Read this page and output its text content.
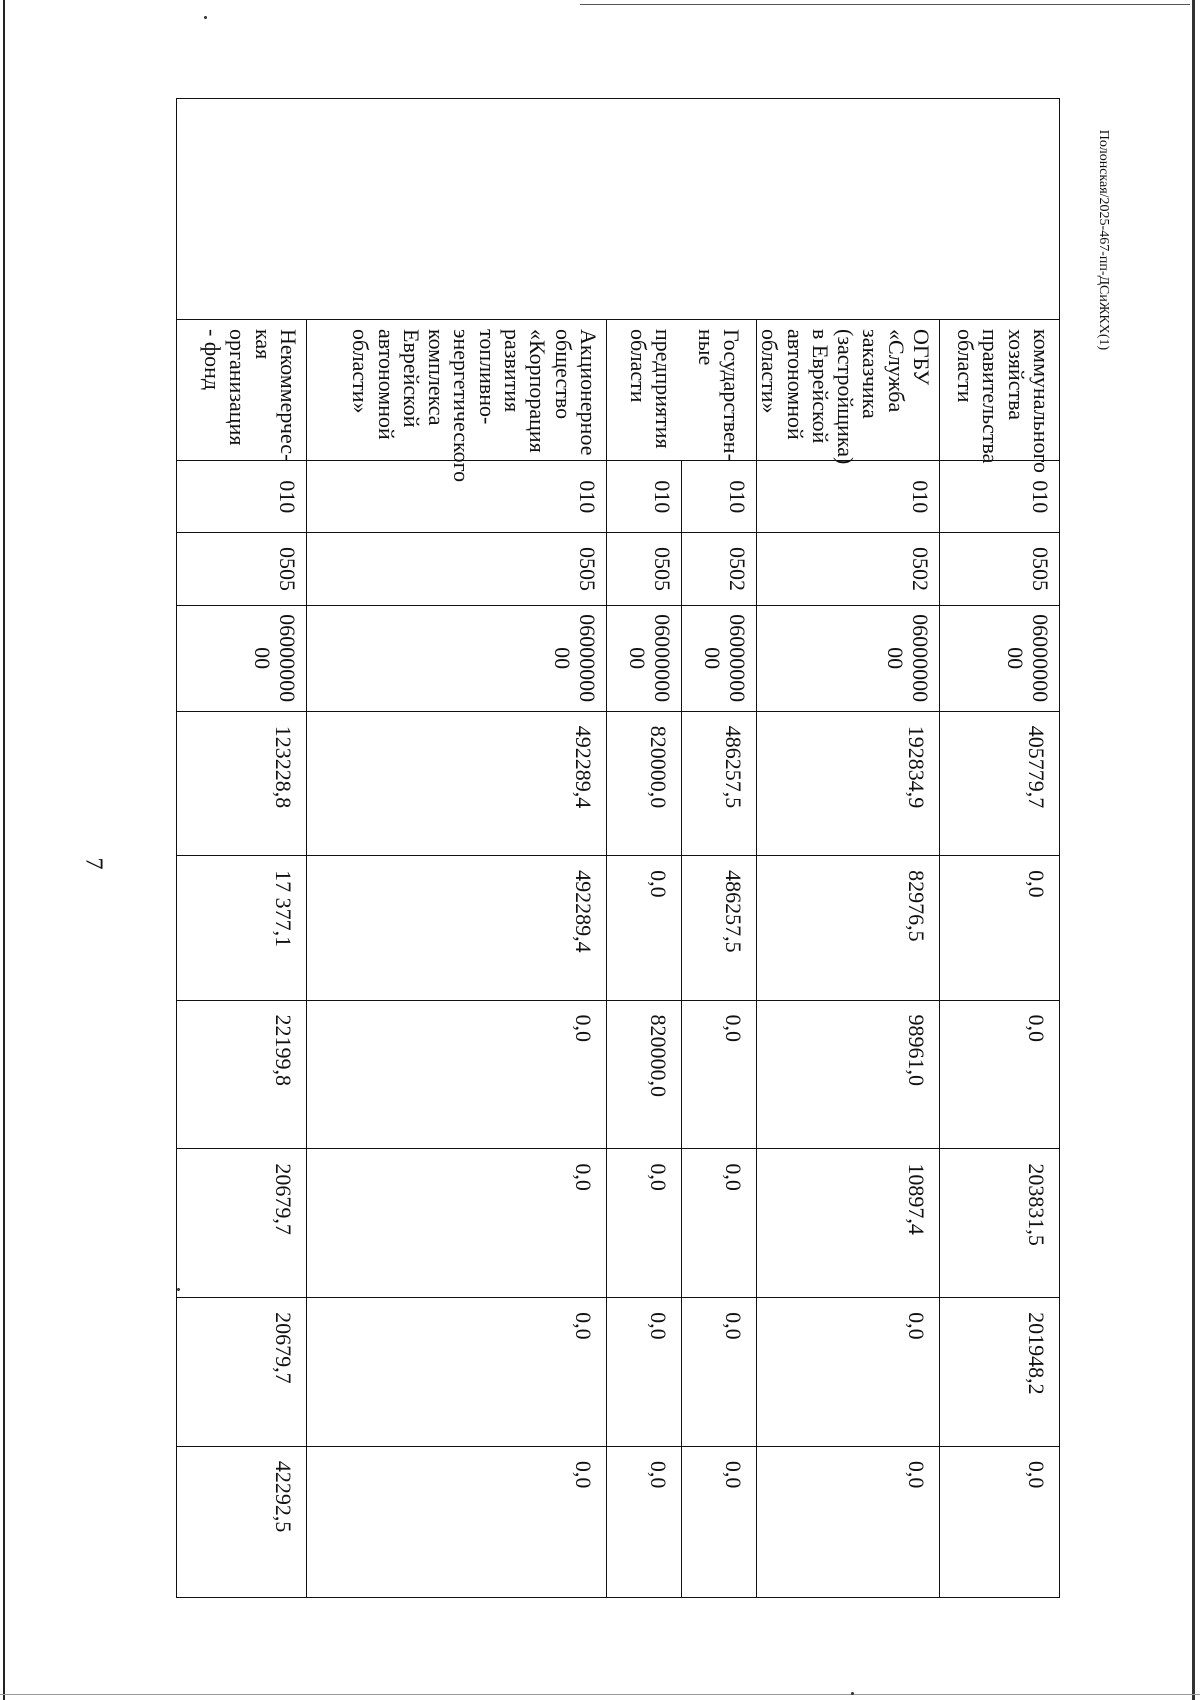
7
Полонская/2025-467-пп-ДСиЖКХ(1)
	коммунального хозяйства правительства области	010	0505	06000000 00	405779,7	0,0	0,0	203831,5	201948,2	0,0
	ОГБУ «Служба заказчика (застройщика) в Еврейской автономной области»	010	0502	06000000 00	192834,9	82976,5	98961,0	10897,4	0,0	0,0
	Государствен-ные	010	0502	06000000 00	486257,5	486257,5	0,0	0,0	0,0	0,0
	предприятия области	010	0505	06000000 00	820000,0	0,0	820000,0	0,0	0,0	0,0
	Акционерное общество «Корпорация развития топливно-энергетического комплекса Еврейской автономной области»	010	0505	06000000 00	492289,4	492289,4	0,0	0,0	0,0	0,0
	Некоммерчес-кая организация - фонд	010	0505	06000000 00	123228,8	17 377,1	22199,8	20679,7	20679,7	42292,5
